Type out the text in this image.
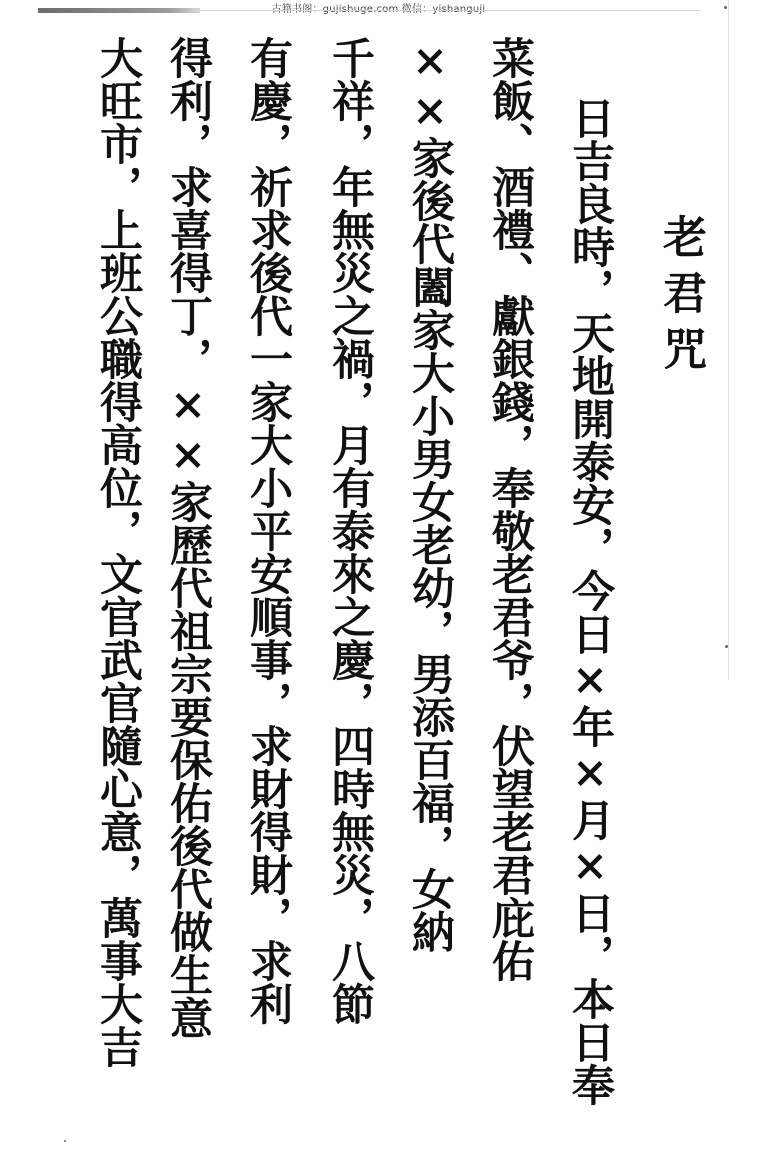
老君咒
日吉良時，天地開泰安，今日×年×月×日，本日奉
菜飯、酒禮、獻銀錢，奉敬老君爷，伏望老君庇佑
××家後代闔家大小男女老幼，男添百福，女納
千祥，年無災之禍，月有泰來之慶，四時無災，八節
有慶，祈求後代一家大小平安順事，求財得財，求利
得利，求喜得丁，××家歷代祖宗要保佑後代做生意
大旺市，上班公職得高位，文官武官隨心意，萬事大吉
